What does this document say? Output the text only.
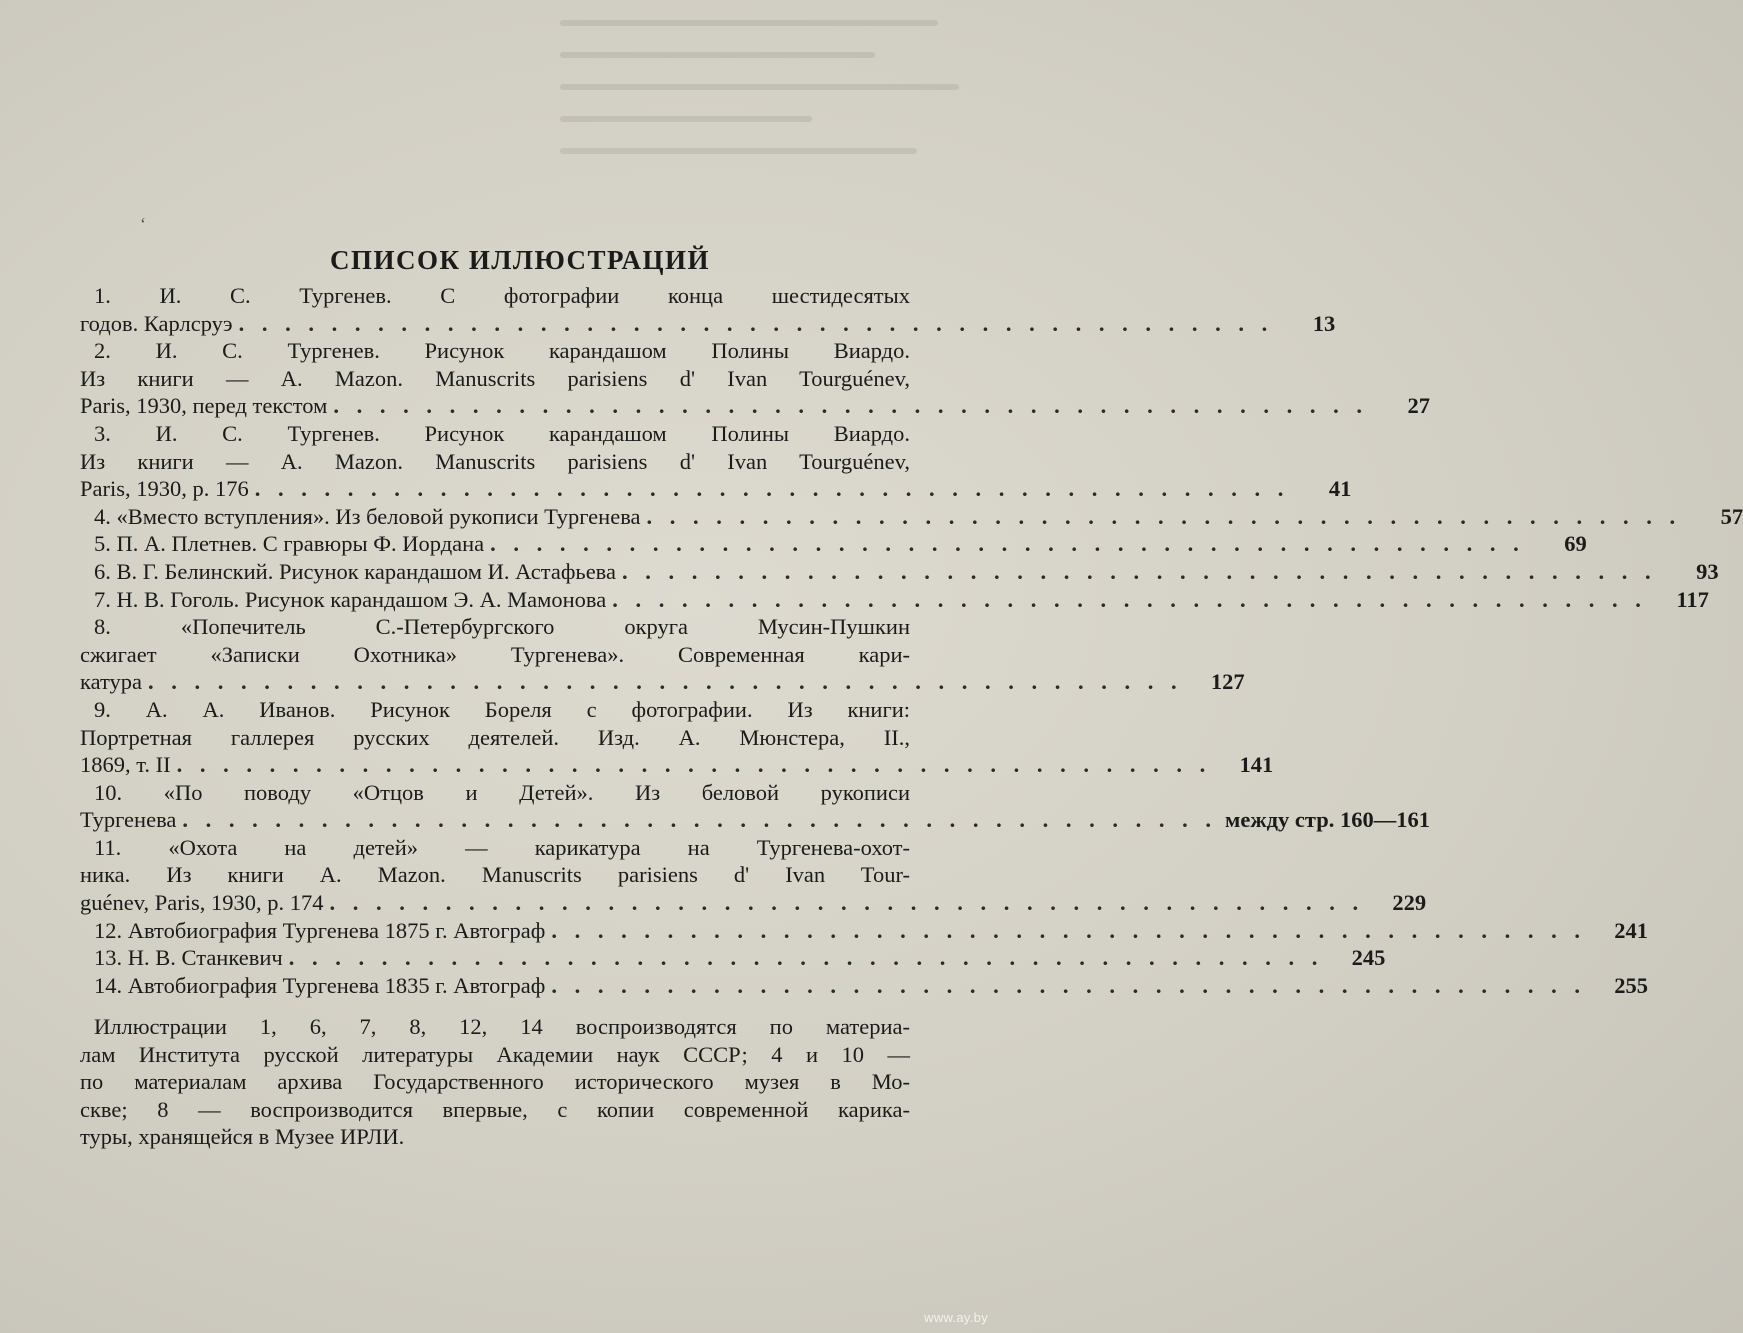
‘
СПИСОК ИЛЛЮСТРАЦИЙ
1. И. С. Тургенев. С фотографии конца шестидесятых
годов. Карлсруэ . . . . . . . . . . . . . . . . . . . . . . . . . . . . . . . . . . . . . . . . . . . . .	13
2. И. С. Тургенев. Рисунок карандашом Полины Виардо.
Из книги — A. Mazon. Manuscrits parisiens d' Ivan Tourguénev,
Paris, 1930, перед текстом . . . . . . . . . . . . . . . . . . . . . . . . . . . . . . . . . . . . . . . . . . . . .	27
3. И. С. Тургенев. Рисунок карандашом Полины Виардо.
Из книги — A. Mazon. Manuscrits parisiens d' Ivan Tourguénev,
Paris, 1930, p. 176 . . . . . . . . . . . . . . . . . . . . . . . . . . . . . . . . . . . . . . . . . . . . .	41
4. «Вместо вступления». Из беловой рукописи Тургенева . . . . . . . . . . . . . . . . . . . . . . . . . . . . . . . . . . . . . . . . . . . . .	57
5. П. А. Плетнев. С гравюры Ф. Иордана . . . . . . . . . . . . . . . . . . . . . . . . . . . . . . . . . . . . . . . . . . . . .	69
6. В. Г. Белинский. Рисунок карандашом И. Астафьева . . . . . . . . . . . . . . . . . . . . . . . . . . . . . . . . . . . . . . . . . . . . .	93
7. Н. В. Гоголь. Рисунок карандашом Э. А. Мамонова . . . . . . . . . . . . . . . . . . . . . . . . . . . . . . . . . . . . . . . . . . . . .	117
8. «Попечитель С.-Петербургского округа Мусин-Пушкин
сжигает «Записки Охотника» Тургенева». Современная кари-
катура . . . . . . . . . . . . . . . . . . . . . . . . . . . . . . . . . . . . . . . . . . . . .	127
9. А. А. Иванов. Рисунок Бореля с фотографии. Из книги:
Портретная галлерея русских деятелей. Изд. А. Мюнстера, II.,
1869, т. II . . . . . . . . . . . . . . . . . . . . . . . . . . . . . . . . . . . . . . . . . . . . .	141
10. «По поводу «Отцов и Детей». Из беловой рукописи
Тургенева . . . . . . . . . . . . . . . . . . . . . . . . . . . . . . . . . . . . . . . . . . . . . между стр. 160—161
11. «Охота на детей» — карикатура на Тургенева-охот-
ника. Из книги A. Mazon. Manuscrits parisiens d' Ivan Tour-
guénev, Paris, 1930, p. 174 . . . . . . . . . . . . . . . . . . . . . . . . . . . . . . . . . . . . . . . . . . . . .	229
12. Автобиография Тургенева 1875 г. Автограф . . . . . . . . . . . . . . . . . . . . . . . . . . . . . . . . . . . . . . . . . . . . .	241
13. Н. В. Станкевич . . . . . . . . . . . . . . . . . . . . . . . . . . . . . . . . . . . . . . . . . . . . .	245
14. Автобиография Тургенева 1835 г. Автограф . . . . . . . . . . . . . . . . . . . . . . . . . . . . . . . . . . . . . . . . . . . . .	255
Иллюстрации 1, 6, 7, 8, 12, 14 воспроизводятся по материа-
лам Института русской литературы Академии наук СССР; 4 и 10 —
по материалам архива Государственного исторического музея в Мо-
скве; 8 — воспроизводится впервые, с копии современной карика-
туры, хранящейся в Музее ИРЛИ.
www.ay.by
